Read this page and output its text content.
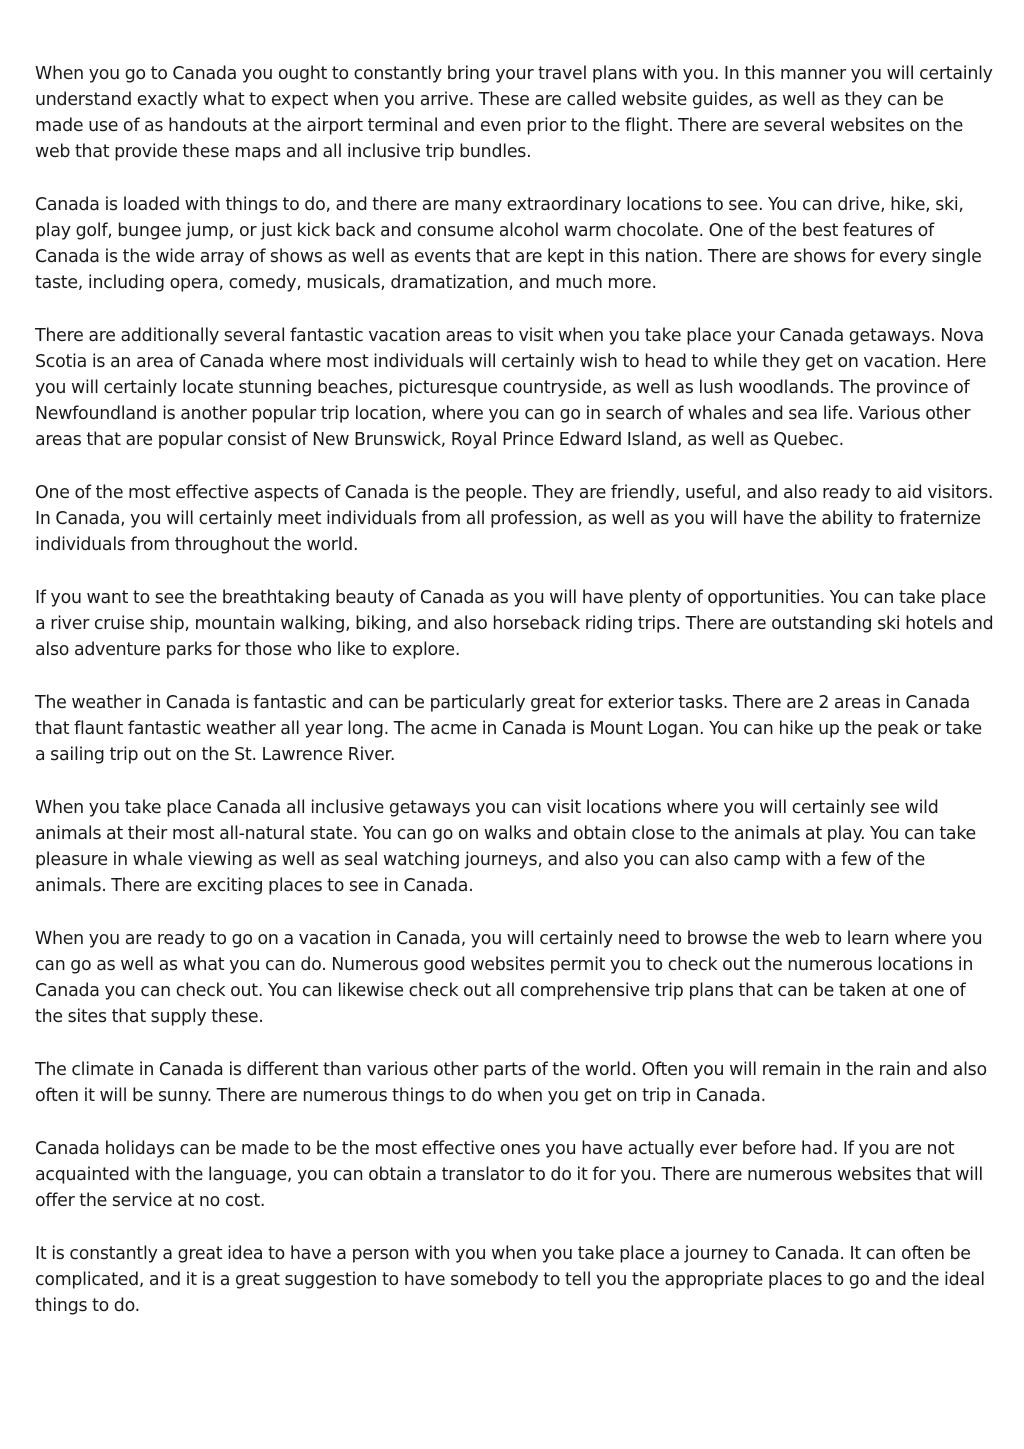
When you go to Canada you ought to constantly bring your travel plans with you. In this manner you will certainly understand exactly what to expect when you arrive. These are called website guides, as well as they can be made use of as handouts at the airport terminal and even prior to the flight. There are several websites on the web that provide these maps and all inclusive trip bundles.

Canada is loaded with things to do, and there are many extraordinary locations to see. You can drive, hike, ski, play golf, bungee jump, or just kick back and consume alcohol warm chocolate. One of the best features of Canada is the wide array of shows as well as events that are kept in this nation. There are shows for every single taste, including opera, comedy, musicals, dramatization, and much more.

There are additionally several fantastic vacation areas to visit when you take place your Canada getaways. Nova Scotia is an area of Canada where most individuals will certainly wish to head to while they get on vacation. Here you will certainly locate stunning beaches, picturesque countryside, as well as lush woodlands. The province of Newfoundland is another popular trip location, where you can go in search of whales and sea life. Various other areas that are popular consist of New Brunswick, Royal Prince Edward Island, as well as Quebec.

One of the most effective aspects of Canada is the people. They are friendly, useful, and also ready to aid visitors. In Canada, you will certainly meet individuals from all profession, as well as you will have the ability to fraternize individuals from throughout the world.

If you want to see the breathtaking beauty of Canada as you will have plenty of opportunities. You can take place a river cruise ship, mountain walking, biking, and also horseback riding trips. There are outstanding ski hotels and also adventure parks for those who like to explore.

The weather in Canada is fantastic and can be particularly great for exterior tasks. There are 2 areas in Canada that flaunt fantastic weather all year long. The acme in Canada is Mount Logan. You can hike up the peak or take a sailing trip out on the St. Lawrence River.

When you take place Canada all inclusive getaways you can visit locations where you will certainly see wild animals at their most all-natural state. You can go on walks and obtain close to the animals at play. You can take pleasure in whale viewing as well as seal watching journeys, and also you can also camp with a few of the animals. There are exciting places to see in Canada.

When you are ready to go on a vacation in Canada, you will certainly need to browse the web to learn where you can go as well as what you can do. Numerous good websites permit you to check out the numerous locations in Canada you can check out. You can likewise check out all comprehensive trip plans that can be taken at one of the sites that supply these.

The climate in Canada is different than various other parts of the world. Often you will remain in the rain and also often it will be sunny. There are numerous things to do when you get on trip in Canada.

Canada holidays can be made to be the most effective ones you have actually ever before had. If you are not acquainted with the language, you can obtain a translator to do it for you. There are numerous websites that will offer the service at no cost.

It is constantly a great idea to have a person with you when you take place a journey to Canada. It can often be complicated, and it is a great suggestion to have somebody to tell you the appropriate places to go and the ideal things to do.
